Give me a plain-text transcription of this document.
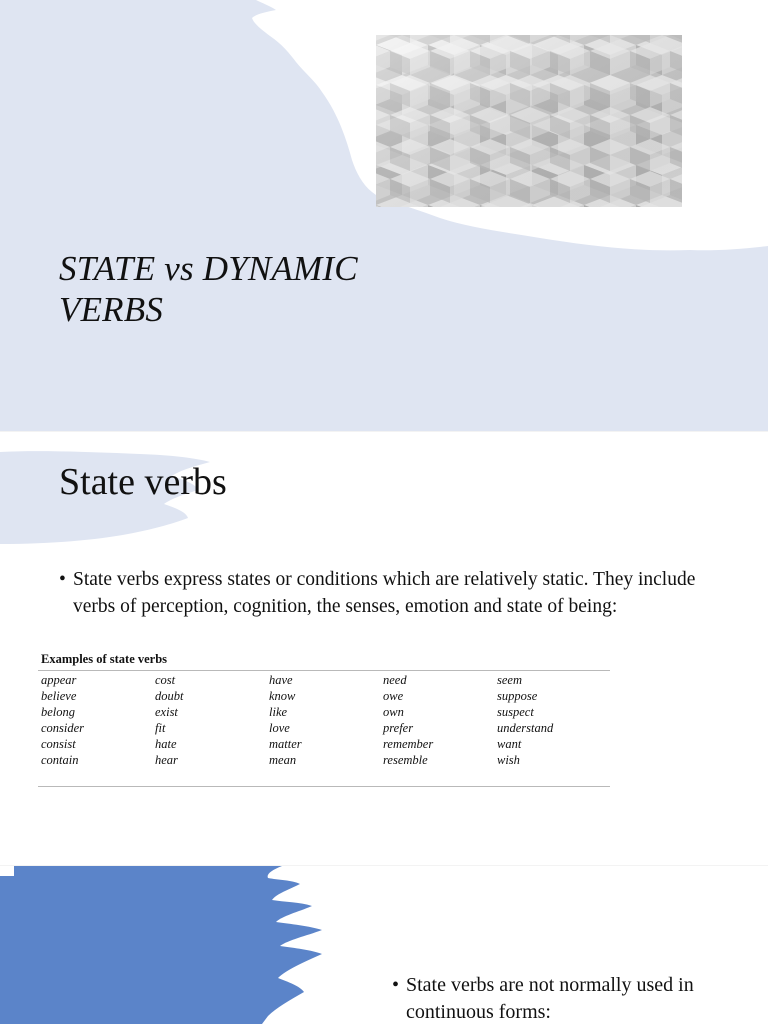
STATE vs DYNAMIC VERBS
State verbs
• State verbs express states or conditions which are relatively static. They include verbs of perception, cognition, the senses, emotion and state of being:
Examples of state verbs
appear
believe
belong
consider
consist
contain
cost
doubt
exist
fit
hate
hear
have
know
like
love
matter
mean
need
owe
own
prefer
remember
resemble
seem
suppose
suspect
understand
want
wish
• State verbs are not normally used in continuous forms:
